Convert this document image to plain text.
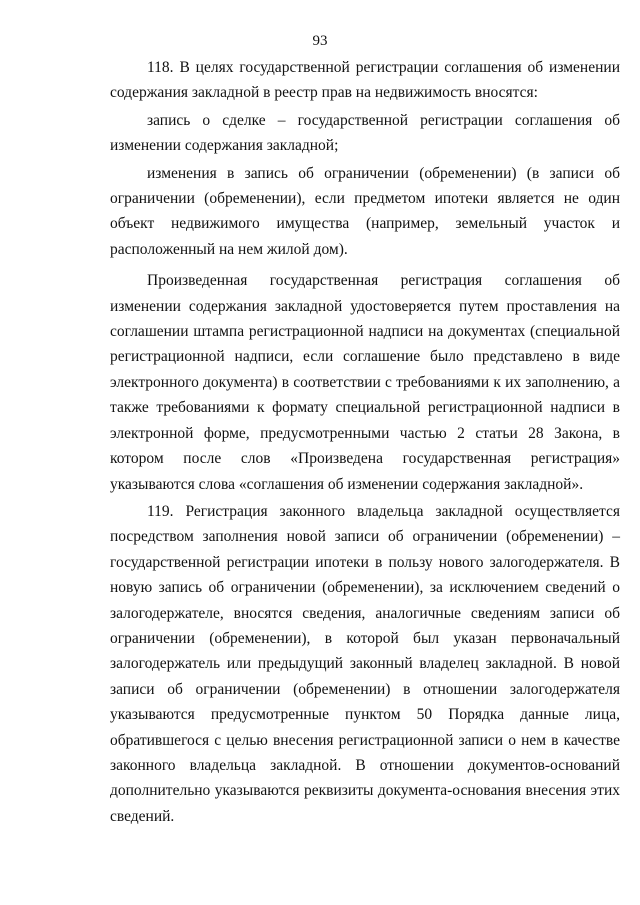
93

118. В целях государственной регистрации соглашения об изменении содержания закладной в реестр прав на недвижимость вносятся:

запись о сделке – государственной регистрации соглашения об изменении содержания закладной;

изменения в запись об ограничении (обременении) (в записи об ограничении (обременении), если предметом ипотеки является не один объект недвижимого имущества (например, земельный участок и расположенный на нем жилой дом).

Произведенная государственная регистрация соглашения об изменении содержания закладной удостоверяется путем проставления на соглашении штампа регистрационной надписи на документах (специальной регистрационной надписи, если соглашение было представлено в виде электронного документа) в соответствии с требованиями к их заполнению, а также требованиями к формату специальной регистрационной надписи в электронной форме, предусмотренными частью 2 статьи 28 Закона, в котором после слов «Произведена государственная регистрация» указываются слова «соглашения об изменении содержания закладной».

119. Регистрация законного владельца закладной осуществляется посредством заполнения новой записи об ограничении (обременении) – государственной регистрации ипотеки в пользу нового залогодержателя. В новую запись об ограничении (обременении), за исключением сведений о залогодержателе, вносятся сведения, аналогичные сведениям записи об ограничении (обременении), в которой был указан первоначальный залогодержатель или предыдущий законный владелец закладной. В новой записи об ограничении (обременении) в отношении залогодержателя указываются предусмотренные пунктом 50 Порядка данные лица, обратившегося с целью внесения регистрационной записи о нем в качестве законного владельца закладной. В отношении документов-оснований дополнительно указываются реквизиты документа-основания внесения этих сведений.
